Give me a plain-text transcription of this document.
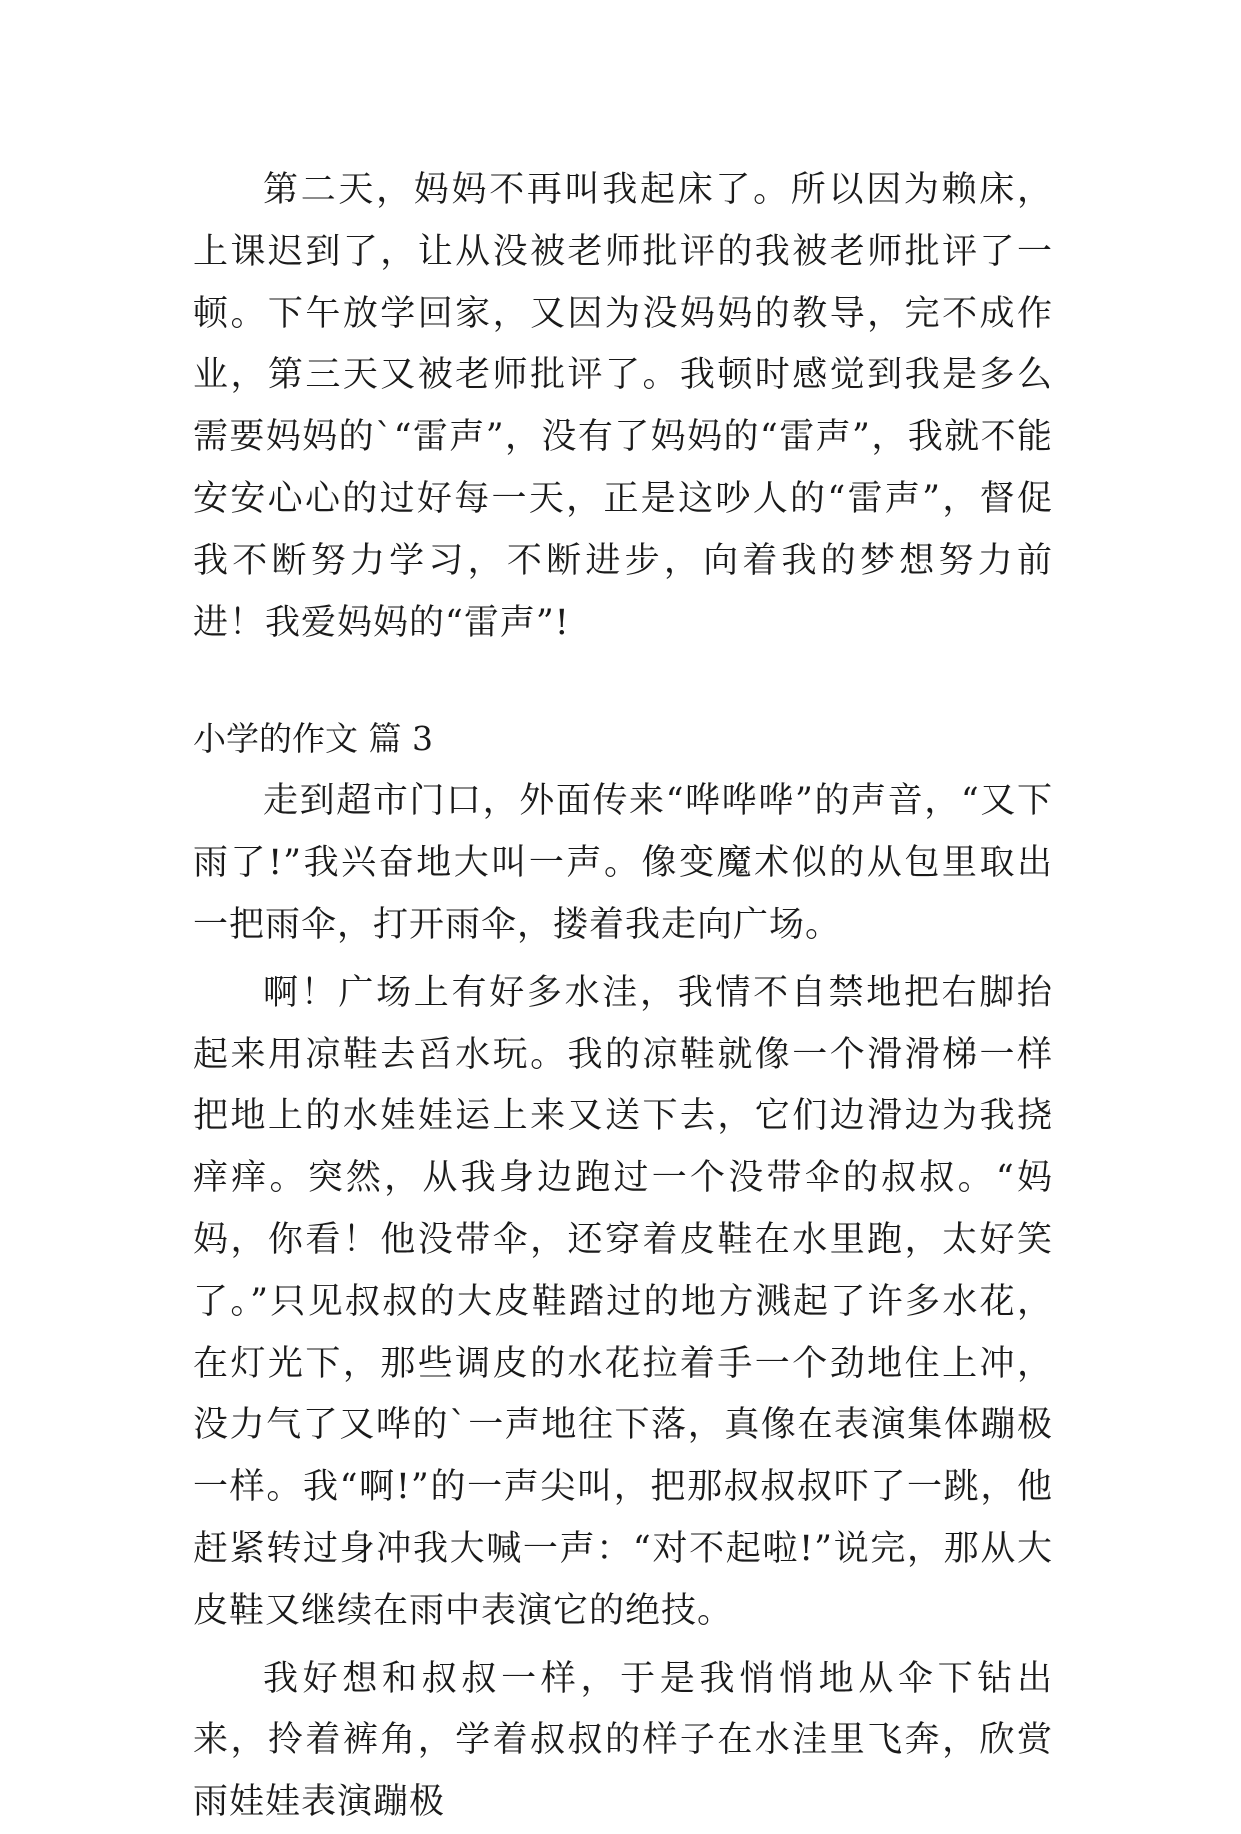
第二天，妈妈不再叫我起床了。所以因为赖床，上课迟到了，让从没被老师批评的我被老师批评了一顿。下午放学回家，又因为没妈妈的教导，完不成作业，第三天又被老师批评了。我顿时感觉到我是多么需要妈妈的`“雷声”，没有了妈妈的“雷声”，我就不能安安心心的过好每一天，正是这吵人的“雷声”，督促我不断努力学习，不断进步，向着我的梦想努力前进！我爱妈妈的“雷声”!

小学的作文 篇 3

走到超市门口，外面传来“哗哗哗”的声音，“又下雨了!”我兴奋地大叫一声。像变魔术似的从包里取出一把雨伞，打开雨伞，搂着我走向广场。

啊！广场上有好多水洼，我情不自禁地把右脚抬起来用凉鞋去舀水玩。我的凉鞋就像一个滑滑梯一样把地上的水娃娃运上来又送下去，它们边滑边为我挠痒痒。突然，从我身边跑过一个没带伞的叔叔。“妈妈，你看！他没带伞，还穿着皮鞋在水里跑，太好笑了。”只见叔叔的大皮鞋踏过的地方溅起了许多水花，在灯光下，那些调皮的水花拉着手一个劲地住上冲，没力气了又哗的`一声地往下落，真像在表演集体蹦极一样。我“啊!”的一声尖叫，把那叔叔叔吓了一跳，他赶紧转过身冲我大喊一声：“对不起啦!”说完，那从大皮鞋又继续在雨中表演它的绝技。

我好想和叔叔一样，于是我悄悄地从伞下钻出来，拎着裤角，学着叔叔的样子在水洼里飞奔，欣赏雨娃娃表演蹦极
